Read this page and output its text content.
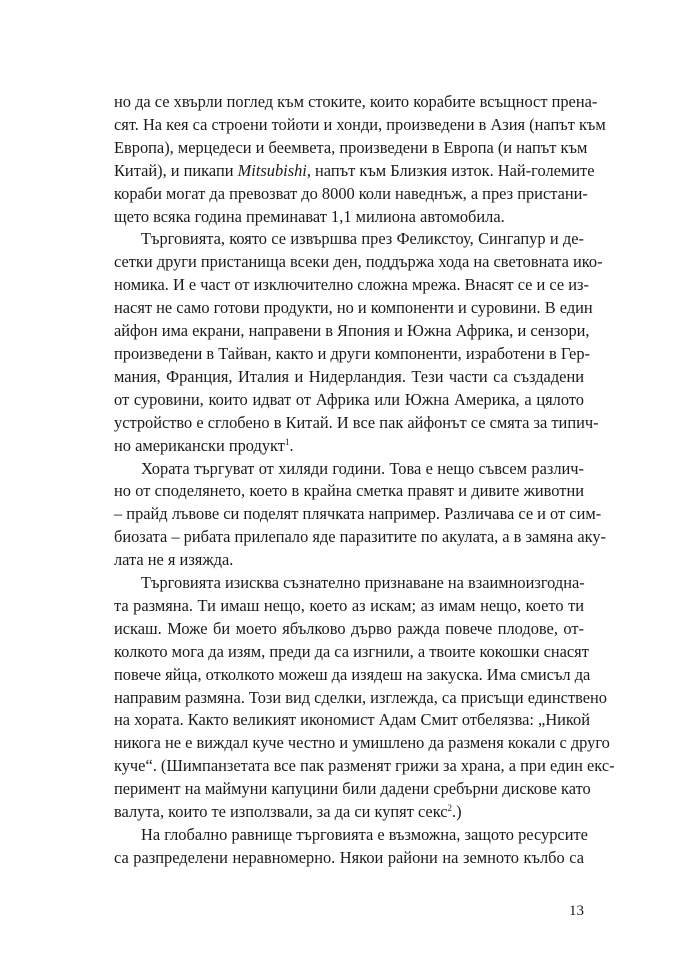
но да се хвърли поглед към стоките, които корабите всъщност прена-
сят. На кея са строени тойоти и хонди, произведени в Азия (напът към
Европа), мерцедеси и беемвета, произведени в Европа (и напът към
Китай), и пикапи Mitsubishi, напът към Близкия изток. Най-големите
кораби могат да превозват до 8000 коли наведнъж, а през пристани-
щето всяка година преминават 1,1 милиона автомобила.

Търговията, която се извършва през Феликстоу, Сингапур и де-
сетки други пристанища всеки ден, поддържа хода на световната ико-
номика. И е част от изключително сложна мрежа. Внасят се и се из-
насят не само готови продукти, но и компоненти и суровини. В един
айфон има екрани, направени в Япония и Южна Африка, и сензори,
произведени в Тайван, както и други компоненти, изработени в Гер-
мания, Франция, Италия и Нидерландия. Тези части са създадени
от суровини, които идват от Африка или Южна Америка, а цялото
устройство е сглобено в Китай. И все пак айфонът се смята за типич-
но американски продукт$^1$.

Хората търгуват от хиляди години. Това е нещо съвсем различ-
но от споделянето, което в крайна сметка правят и дивите животни
– прайд лъвове си поделят плячката например. Различава се и от сим-
биозата – рибата прилепало яде паразитите по акулата, а в замяна аку-
лата не я изяжда.

Търговията изисква съзнателно признаване на взаимноизгодна-
та размяна. Ти имаш нещо, което аз искам; аз имам нещо, което ти
искаш. Може би моето ябълково дърво ражда повече плодове, от-
колкото мога да изям, преди да са изгнили, а твоите кокошки снасят
повече яйца, отколкото можеш да изядеш на закуска. Има смисъл да
направим размяна. Този вид сделки, изглежда, са присъщи единствено
на хората. Както великият икономист Адам Смит отбелязва: „Никой
никога не е виждал куче честно и умишлено да разменя кокали с друго
куче“. (Шимпанзетата все пак разменят грижи за храна, а при един екс-
перимент на маймуни капуцини били дадени сребърни дискове като
валута, които те използвали, за да си купят секс$^2$.)

На глобално равнище търговията е възможна, защото ресурсите
са разпределени неравномерно. Някои райони на земното кълбо са

13
